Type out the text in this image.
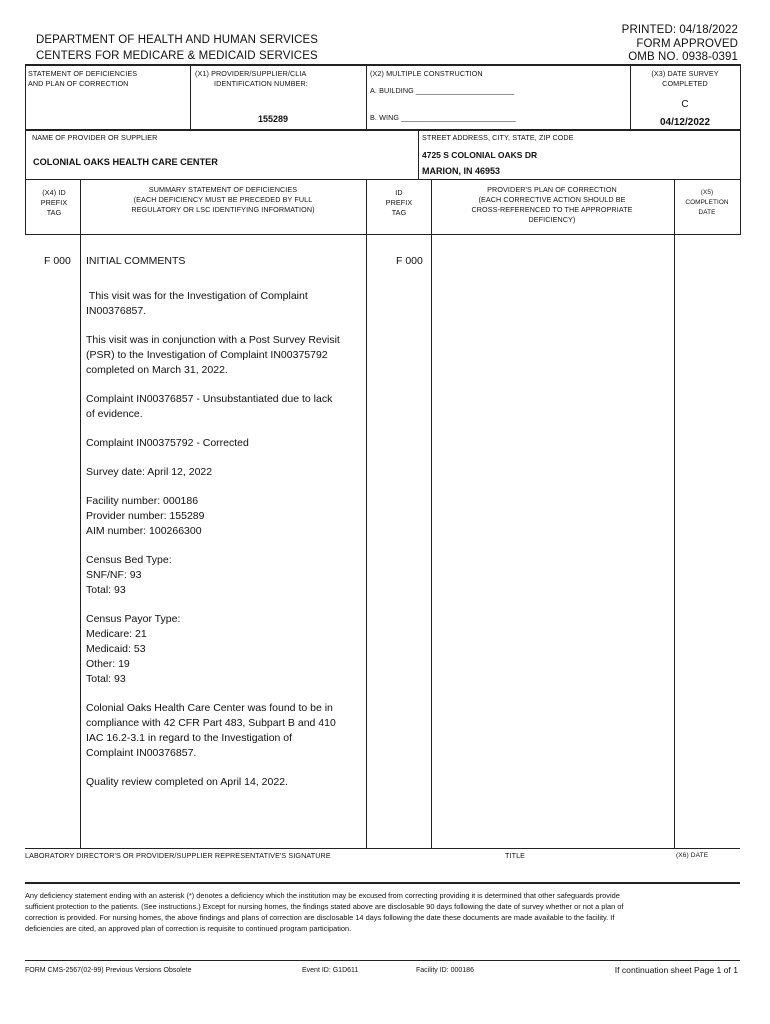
DEPARTMENT OF HEALTH AND HUMAN SERVICES
CENTERS FOR MEDICARE & MEDICAID SERVICES
PRINTED: 04/18/2022
FORM APPROVED
OMB NO. 0938-0391
STATEMENT OF DEFICIENCIES
AND PLAN OF CORRECTION
(X1) PROVIDER/SUPPLIER/CLIA
IDENTIFICATION NUMBER:
155289
(X2) MULTIPLE CONSTRUCTION
A. BUILDING ________________________
B. WING ____________________________
(X3) DATE SURVEY
COMPLETED
C
04/12/2022
NAME OF PROVIDER OR SUPPLIER
COLONIAL OAKS HEALTH CARE CENTER
STREET ADDRESS, CITY, STATE, ZIP CODE
4725 S COLONIAL OAKS DR
MARION, IN 46953
(X4) ID
PREFIX
TAG
SUMMARY STATEMENT OF DEFICIENCIES
(EACH DEFICIENCY MUST BE PRECEDED BY FULL
REGULATORY OR LSC IDENTIFYING INFORMATION)
ID
PREFIX
TAG
PROVIDER'S PLAN OF CORRECTION
(EACH CORRECTIVE ACTION SHOULD BE
CROSS-REFERENCED TO THE APPROPRIATE
DEFICIENCY)
(X5)
COMPLETION
DATE
F 000	F 000
INITIAL COMMENTS
This visit was for the Investigation of Complaint IN00376857.
This visit was in conjunction with a Post Survey Revisit (PSR) to the Investigation of Complaint IN00375792 completed on March 31, 2022.
Complaint IN00376857 - Unsubstantiated due to lack of evidence.
Complaint IN00375792 - Corrected
Survey date: April 12, 2022
Facility number: 000186
Provider number: 155289
AIM number: 100266300
Census Bed Type:
SNF/NF: 93
Total: 93
Census Payor Type:
Medicare: 21
Medicaid: 53
Other: 19
Total: 93
Colonial Oaks Health Care Center was found to be in compliance with 42 CFR Part 483, Subpart B and 410 IAC 16.2-3.1 in regard to the Investigation of Complaint IN00376857.
Quality review completed on April 14, 2022.
LABORATORY DIRECTOR'S OR PROVIDER/SUPPLIER REPRESENTATIVE'S SIGNATURE	TITLE	(X6) DATE
Any deficiency statement ending with an asterisk (*) denotes a deficiency which the institution may be excused from correcting providing it is determined that other safeguards provide sufficient protection to the patients. (See instructions.) Except for nursing homes, the findings stated above are disclosable 90 days following the date of survey whether or not a plan of correction is provided. For nursing homes, the above findings and plans of correction are disclosable 14 days following the date these documents are made available to the facility. If deficiencies are cited, an approved plan of correction is requisite to continued program participation.
FORM CMS-2567(02-99) Previous Versions Obsolete	Event ID: G1D611	Facility ID: 000186	If continuation sheet Page 1 of 1
